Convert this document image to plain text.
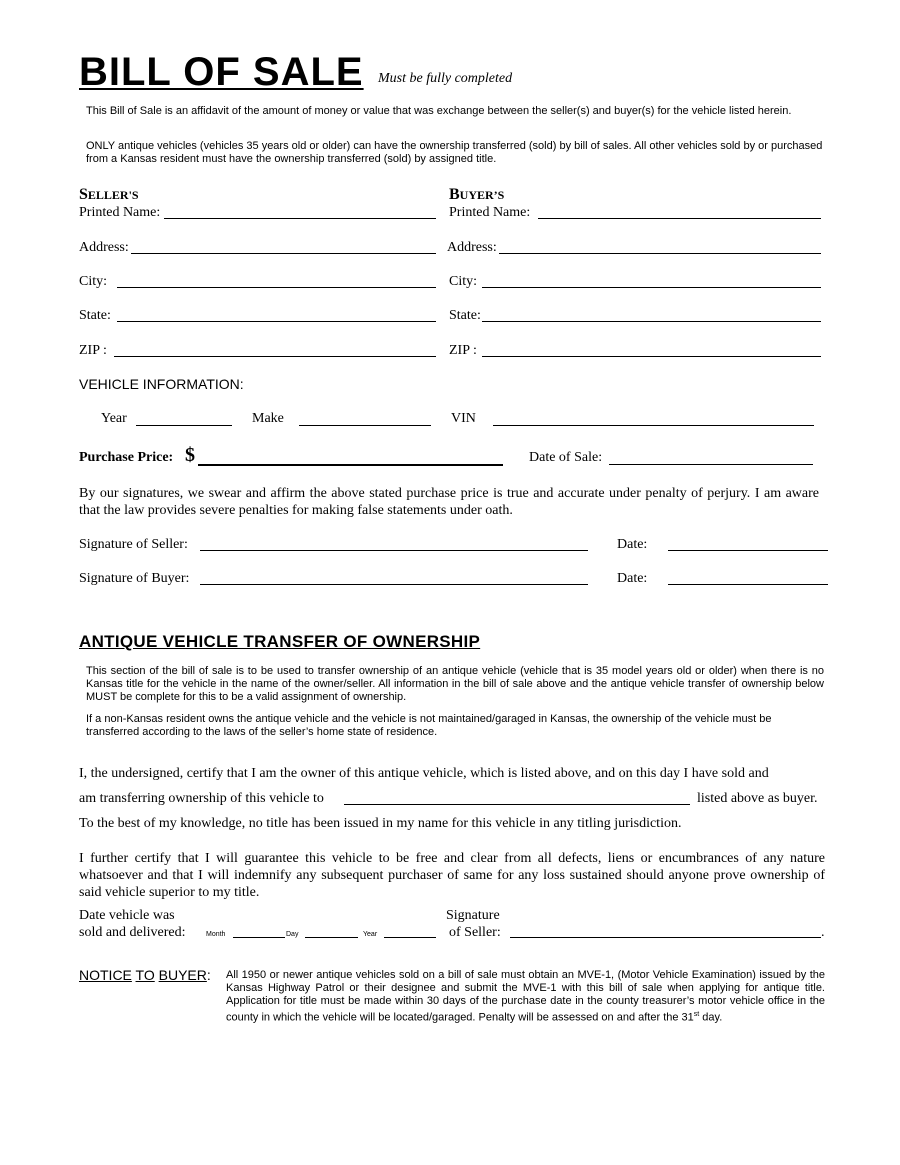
BILL OF SALE Must be fully completed
This Bill of Sale is an affidavit of the amount of money or value that was exchange between the seller(s) and buyer(s) for the vehicle listed herein.
ONLY antique vehicles (vehicles 35 years old or older) can have the ownership transferred (sold) by bill of sales. All other vehicles sold by or purchased from a Kansas resident must have the ownership transferred (sold) by assigned title.
SELLER'S
Printed Name:
Address:
City:
State:
ZIP :
BUYER’S
Printed Name:
Address:
City:
State:
ZIP :
VEHICLE INFORMATION:
Year	Make	VIN
Purchase Price: $	Date of Sale:
By our signatures, we swear and affirm the above stated purchase price is true and accurate under penalty of perjury. I am aware that the law provides severe penalties for making false statements under oath.
Signature of Seller:	Date:
Signature of Buyer:	Date:
ANTIQUE VEHICLE TRANSFER OF OWNERSHIP
This section of the bill of sale is to be used to transfer ownership of an antique vehicle (vehicle that is 35 model years old or older) when there is no Kansas title for the vehicle in the name of the owner/seller. All information in the bill of sale above and the antique vehicle transfer of ownership below MUST be complete for this to be a valid assignment of ownership.
If a non-Kansas resident owns the antique vehicle and the vehicle is not maintained/garaged in Kansas, the ownership of the vehicle must be transferred according to the laws of the seller’s home state of residence.
I, the undersigned, certify that I am the owner of this antique vehicle, which is listed above, and on this day I have sold and
am transferring ownership of this vehicle to	listed above as buyer.
To the best of my knowledge, no title has been issued in my name for this vehicle in any titling jurisdiction.
I further certify that I will guarantee this vehicle to be free and clear from all defects, liens or encumbrances of any nature whatsoever and that I will indemnify any subsequent purchaser of same for any loss sustained should anyone prove ownership of said vehicle superior to my title.
Date vehicle was
sold and delivered:	Month	Day	Year
Signature
of Seller:	.
NOTICE TO BUYER: All 1950 or newer antique vehicles sold on a bill of sale must obtain an MVE-1, (Motor Vehicle Examination) issued by the Kansas Highway Patrol or their designee and submit the MVE-1 with this bill of sale when applying for antique title. Application for title must be made within 30 days of the purchase date in the county treasurer’s motor vehicle office in the county in which the vehicle will be located/garaged. Penalty will be assessed on and after the 31st day.
